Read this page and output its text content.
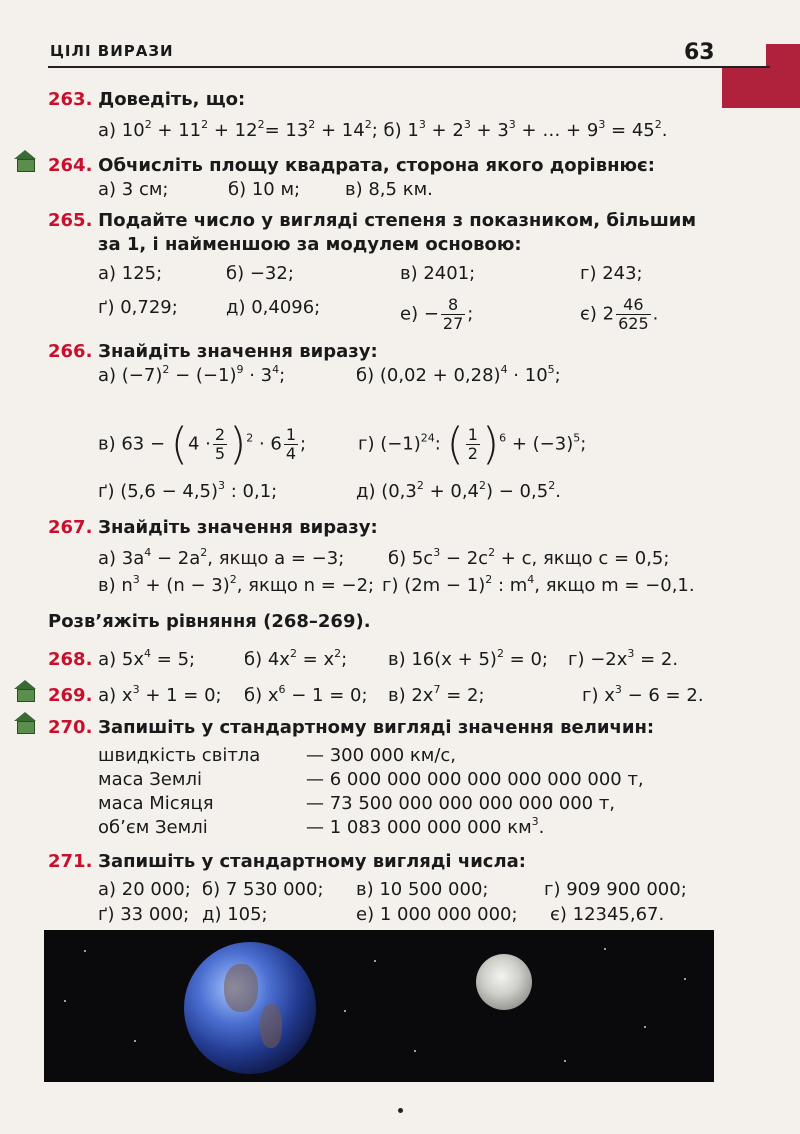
ЦІЛІ ВИРАЗИ	63
263. Доведіть, що:
а) $10^2 + 11^2 + 12^2= 13^2 + 14^2$; б) $1^3 + 2^3 + 3^3$ + … + $9^3 = 45^2$.
264. Обчисліть площу квадрата, сторона якого дорівнює:
а) 3 см;	б) 10 м; в) 8,5 км.
265. Подайте число у вигляді степеня з показником, більшим
за 1, і найменшою за модулем основою:
а) 125;	б) −32;	в) 2401;	г) 243;
ґ) 0,729;	д) 0,4096;	$е) - \frac{8}{27}$ ;	є) $2 \frac{46}{625}$ .
266. Знайдіть значення виразу:
а) $(-7)^2 - (-1)^9 \cdot 3^4$;	б) $(0,02 + 0,28)^4 \cdot 10^5$;
в) $63 - (4 \cdot \frac{2}{5} )^2 \cdot 6 \frac{1}{4}$ ;	г) $(-1)^{24}$: ( $\frac{1}{2} )^6 + (-3)^5$;
ґ) $(5,6 - 4,5)^3$ : 0,1;	д) $(0,3^2 + 0,4^2) - 0,5^2$.
267. Знайдіть значення виразу:
а) $3a^4 - 2a^2$, якщо a = −3; б) $5c^3 - 2c^2 + c$, якщо c = 0,5;
в) $n^3 + (n - 3)^2$, якщо n = −2; г) $(2m - 1)^2$ : $m^4$, якщо m = −0,1.
Розв’яжіть рівняння (268–269).
268. а) $5x^4 = 5$;	б) $4x^2 = x^2$; в) $16(x + 5)^2 = 0$; $г) -2x^3 = 2$.
269. а) $x^3 + 1 = 0$; б) $x^6 - 1 = 0$; в) $2x^7 = 2$;	г) $x^3 - 6 = 2$.
270. Запишіть у стандартному вигляді значення величин:
швидкість світла	— 300 000 км/с,
маса Землі	— 6 000 000 000 000 000 000 000 т,
маса Місяця	— 73 500 000 000 000 000 000 т,
об’єм Землі	— 1 083 000 000 000 $км^3$.
271. Запишіть у стандартному вигляді числа:
а) 20 000; б) 7 530 000; в) 10 500 000;	г) 909 900 000;
ґ) 33 000; д) 105;	е) 1 000 000 000; є) 12345,67.
